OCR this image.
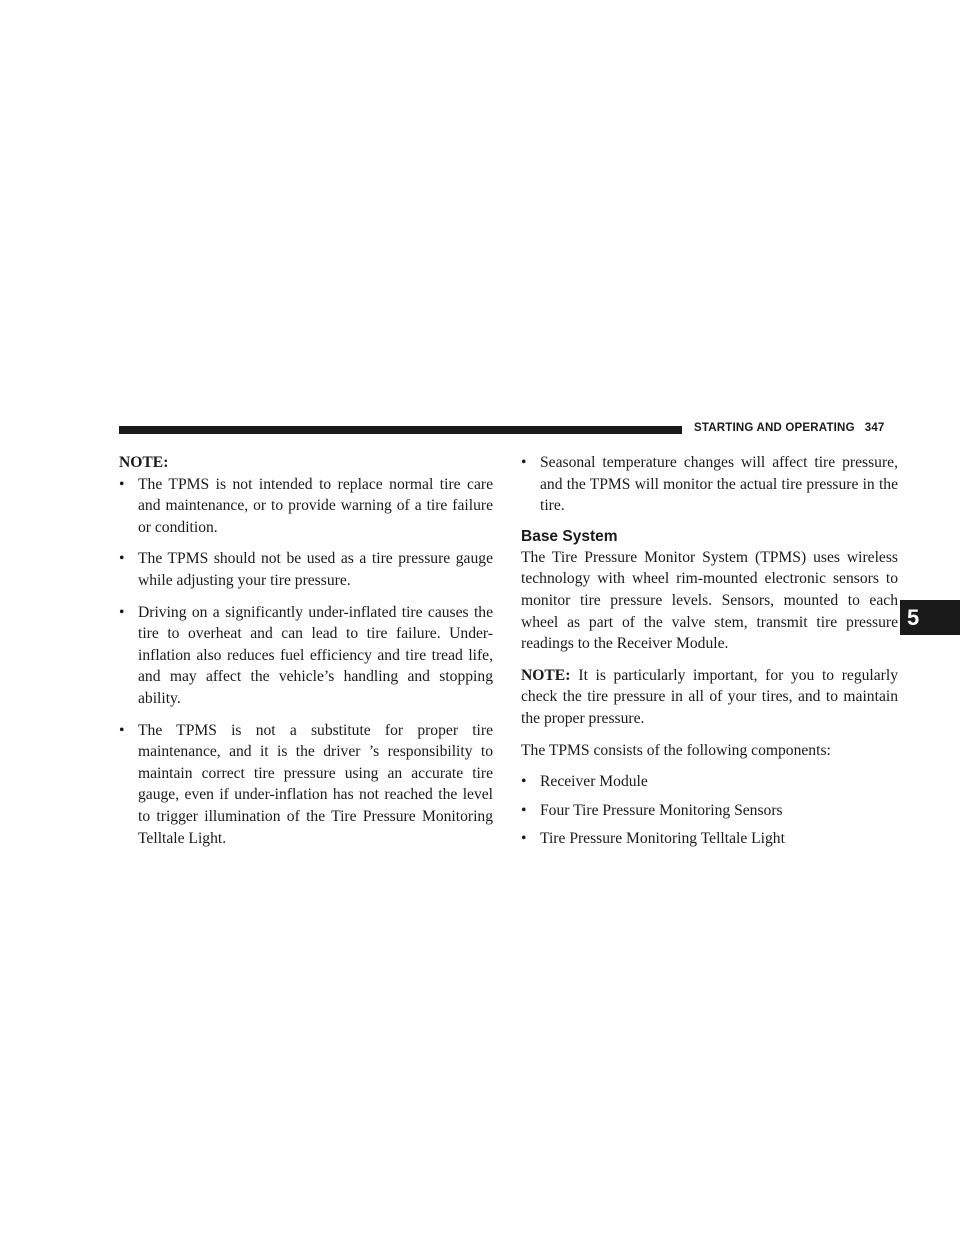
STARTING AND OPERATING 347
5
NOTE:
• The TPMS is not intended to replace normal tire care and maintenance, or to provide warning of a tire failure or condition.
• The TPMS should not be used as a tire pressure gauge while adjusting your tire pressure.
• Driving on a significantly under-inflated tire causes the tire to overheat and can lead to tire failure. Under-inflation also reduces fuel efficiency and tire tread life, and may affect the vehicle’s handling and stopping ability.
• The TPMS is not a substitute for proper tire maintenance, and it is the driver ’s responsibility to maintain correct tire pressure using an accurate tire gauge, even if under-inflation has not reached the level to trigger illumination of the Tire Pressure Monitoring Telltale Light.
• Seasonal temperature changes will affect tire pressure, and the TPMS will monitor the actual tire pressure in the tire.
Base System

The Tire Pressure Monitor System (TPMS) uses wireless technology with wheel rim-mounted electronic sensors to monitor tire pressure levels. Sensors, mounted to each wheel as part of the valve stem, transmit tire pressure readings to the Receiver Module.

NOTE: It is particularly important, for you to regularly check the tire pressure in all of your tires, and to maintain the proper pressure.

The TPMS consists of the following components:

• Receiver Module
• Four Tire Pressure Monitoring Sensors
• Tire Pressure Monitoring Telltale Light
